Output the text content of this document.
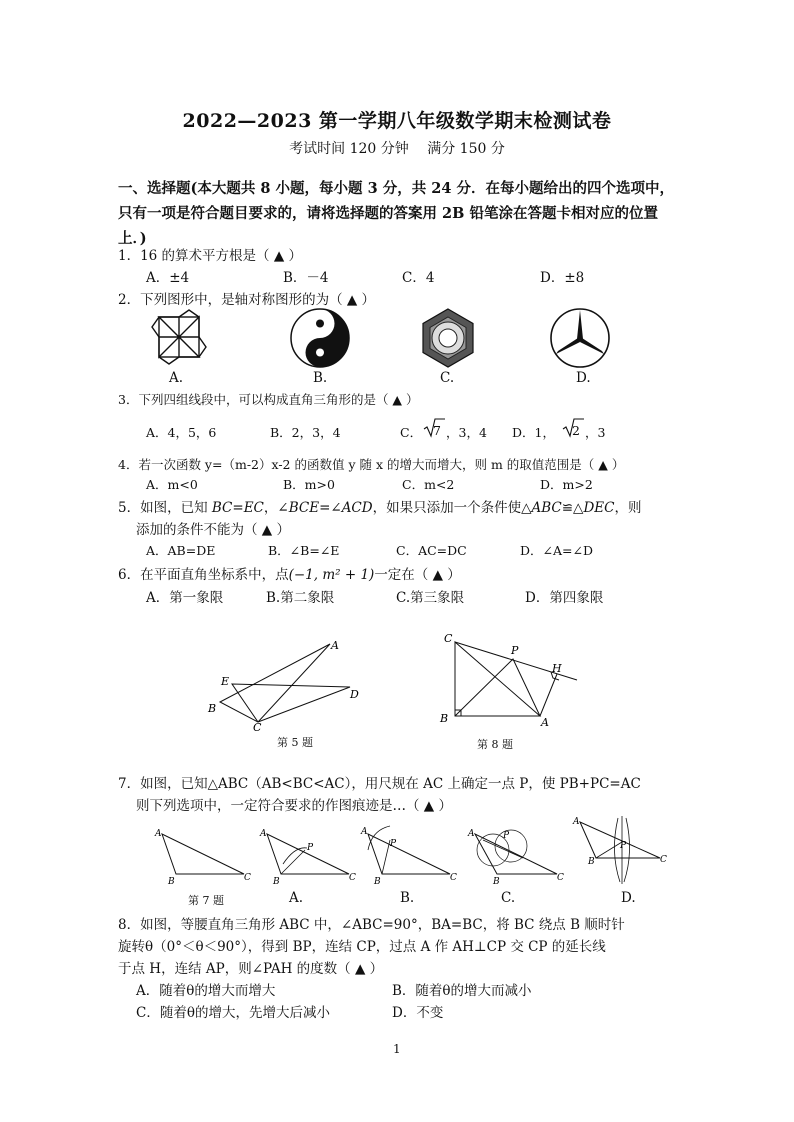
2022—2023 第一学期八年级数学期末检测试卷
考试时间 120 分钟　 满分 150 分
一、选择题(本大题共 8 小题，每小题 3 分，共 24 分．在每小题给出的四个选项中，只有一项是符合题目要求的，请将选择题的答案用 2B 铅笔涂在答题卡相对应的位置上．)
1．16 的算术平方根是（ ▲ ）
A．±4	B．－4	C．4	D．±8
2．下列图形中，是轴对称图形的为（ ▲ ）
A.	B.	C.	D.
3．下列四组线段中，可以构成直角三角形的是（ ▲ ）
A．4，5，6	B．2，3，4	C． 7 ，3，4 D．1， 2 ，3
4．若一次函数 y=（m-2）x-2 的函数值 y 随 x 的增大而增大，则 m 的取值范围是（ ▲ ）
A．m<0	B．m>0	C．m<2	D．m>2
5．如图，已知 BC=EC，∠BCE=∠ACD，如果只添加一个条件使△ABC≌△DEC，则
添加的条件不能为（ ▲ ）
A．AB=DE	B．∠B=∠E	C．AC=DC	D．∠A=∠D
6．在平面直角坐标系中，点(−1, m² + 1)一定在（ ▲ ）
A．第一象限	B.第二象限	C.第三象限	D．第四象限
A
E
B
C
D
第 5 题
C
P
H
B	A
第 8 题
7．如图，已知△ABC（AB<BC<AC），用尺规在 AC 上确定一点 P，使 PB+PC=AC
则下列选项中，一定符合要求的作图痕迹是…（ ▲ ）
A
B	C
A
P
B	C
A
P
B	C
A	P
B	C
A
P
B	C
第 7 题	A.	B.	C.	D.
8．如图，等腰直角三角形 ABC 中，∠ABC=90°，BA=BC，将 BC 绕点 B 顺时针
旋转θ（0°＜θ＜90°），得到 BP，连结 CP，过点 A 作 AH⊥CP 交 CP 的延长线
于点 H，连结 AP，则∠PAH 的度数（ ▲ ）
A．随着θ的增大而增大	B．随着θ的增大而减小
C．随着θ的增大，先增大后减小	D．不变
1
